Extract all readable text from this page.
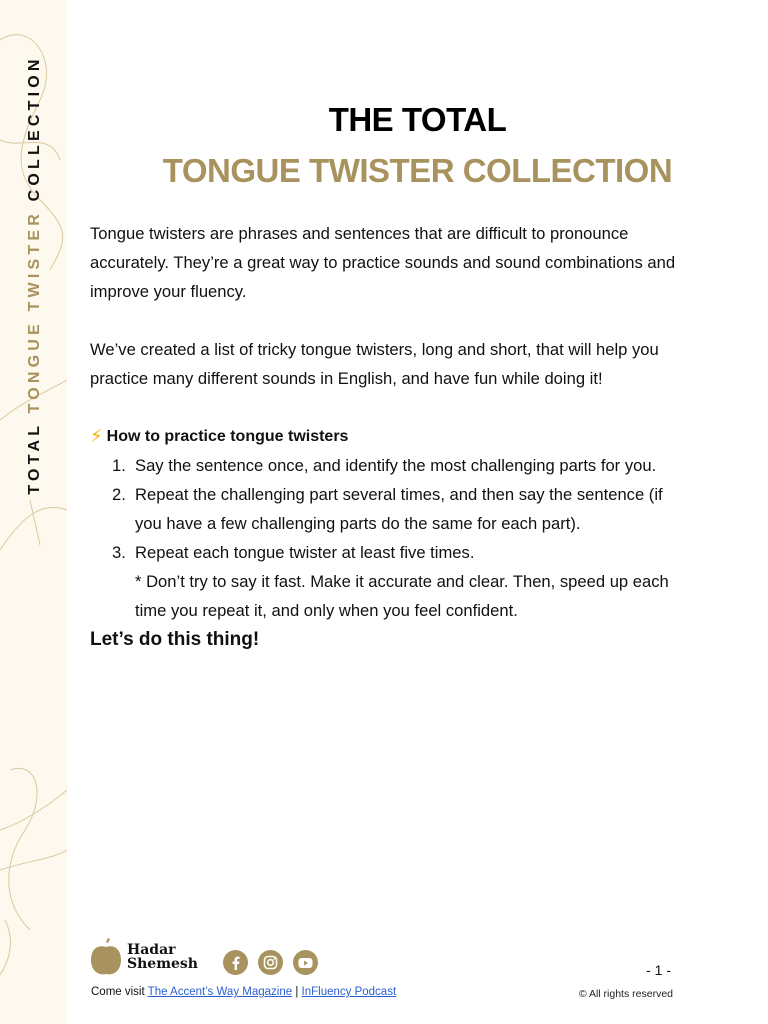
TOTAL TONGUE TWISTER COLLECTION	THE TOTAL
TONGUE TWISTER COLLECTION

Tongue twisters are phrases and sentences that are difficult to pronounce accurately. They’re a great way to practice sounds and sound combinations and improve your fluency.

We’ve created a list of tricky tongue twisters, long and short, that will help you practice many different sounds in English, and have fun while doing it!

⚡ How to practice tongue twisters
1. Say the sentence once, and identify the most challenging parts for you.
2. Repeat the challenging part several times, and then say the sentence (if you have a few challenging parts do the same for each part).
3. Repeat each tongue twister at least five times.

* Don’t try to say it fast. Make it accurate and clear. Then, speed up each time you repeat it, and only when you feel confident.

Let’s do this thing!

Hadar
Shemesh
Come visit The Accent’s Way Magazine | InFluency Podcast
- 1 -
© All rights reserved
